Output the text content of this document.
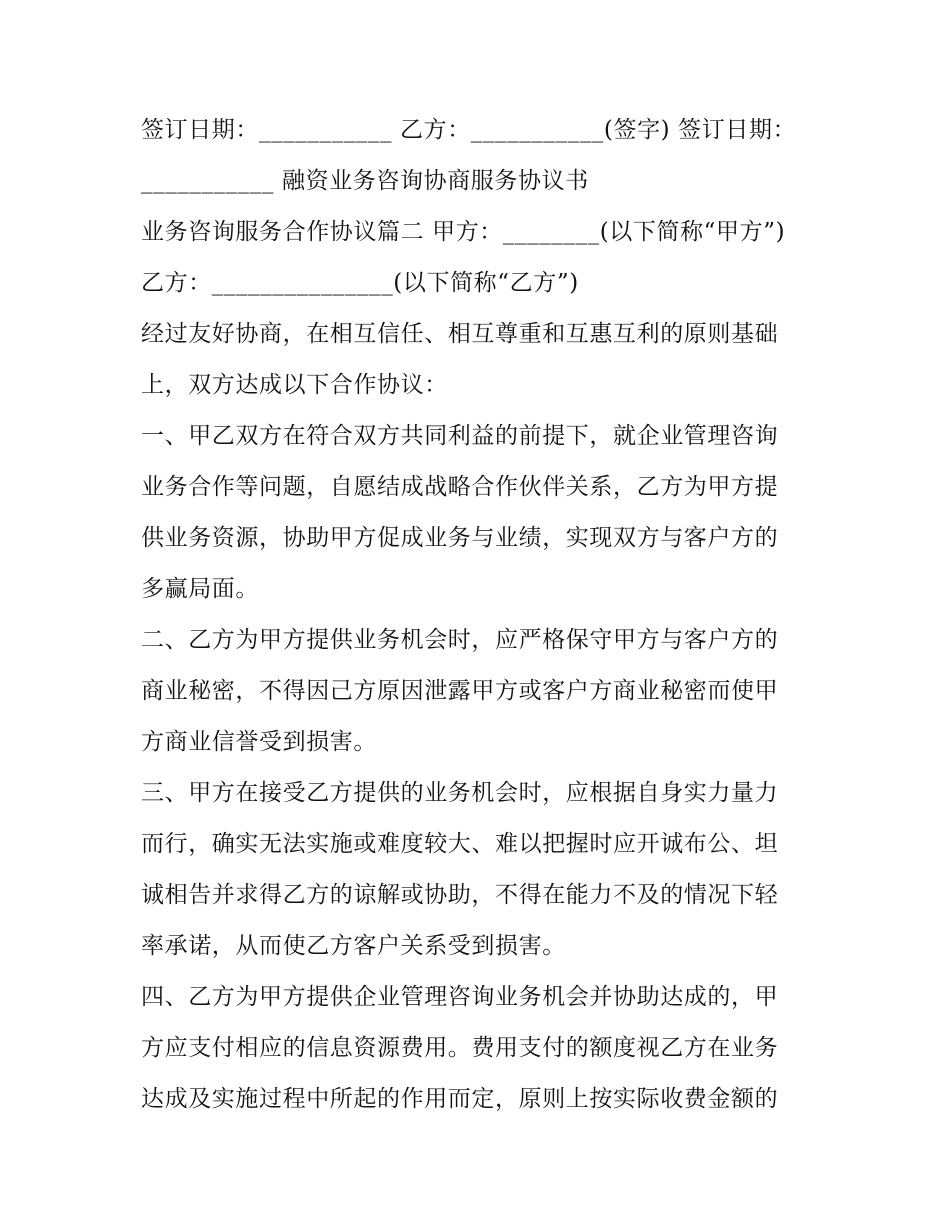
签订日期：___________ 乙方：___________(签字) 签订日期：
___________ 融资业务咨询协商服务协议书
业务咨询服务合作协议篇二 甲方：________(以下简称“甲方”)
乙方：_______________(以下简称“乙方”)
经过友好协商，在相互信任、相互尊重和互惠互利的原则基础
上，双方达成以下合作协议：
一、甲乙双方在符合双方共同利益的前提下，就企业管理咨询
业务合作等问题，自愿结成战略合作伙伴关系，乙方为甲方提
供业务资源，协助甲方促成业务与业绩，实现双方与客户方的
多赢局面。
二、乙方为甲方提供业务机会时，应严格保守甲方与客户方的
商业秘密，不得因己方原因泄露甲方或客户方商业秘密而使甲
方商业信誉受到损害。
三、甲方在接受乙方提供的业务机会时，应根据自身实力量力
而行，确实无法实施或难度较大、难以把握时应开诚布公、坦
诚相告并求得乙方的谅解或协助，不得在能力不及的情况下轻
率承诺，从而使乙方客户关系受到损害。
四、乙方为甲方提供企业管理咨询业务机会并协助达成的，甲
方应支付相应的信息资源费用。费用支付的额度视乙方在业务
达成及实施过程中所起的作用而定，原则上按实际收费金额的
